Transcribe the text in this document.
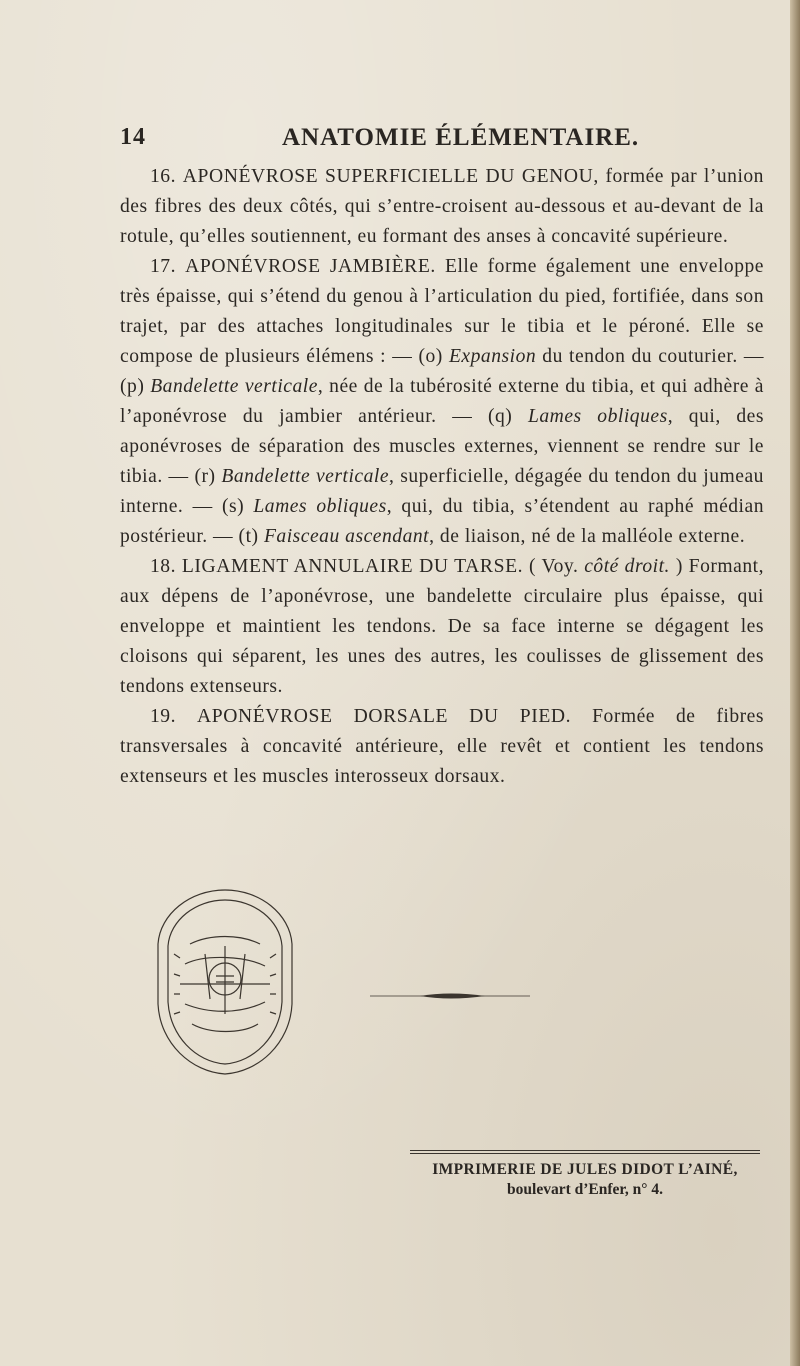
14	ANATOMIE ÉLÉMENTAIRE.

16. APONÉVROSE SUPERFICIELLE DU GENOU, formée par l’union des fibres des deux côtés, qui s’entre-croisent au-dessous et au-devant de la rotule, qu’elles soutiennent, eu formant des anses à concavité supérieure.

17. APONÉVROSE JAMBIÈRE. Elle forme également une enveloppe très épaisse, qui s’étend du genou à l’articulation du pied, fortifiée, dans son trajet, par des attaches longitudinales sur le tibia et le péroné. Elle se compose de plusieurs élémens : — (o) Expansion du tendon du couturier. — (p) Bandelette verticale, née de la tubérosité externe du tibia, et qui adhère à l’aponévrose du jambier antérieur. — (q) Lames obliques, qui, des aponévroses de séparation des muscles externes, viennent se rendre sur le tibia. — (r) Bandelette verticale, superficielle, dégagée du tendon du jumeau interne. — (s) Lames obliques, qui, du tibia, s’étendent au raphé médian postérieur. — (t) Faisceau ascendant, de liaison, né de la malléole externe.

18. LIGAMENT ANNULAIRE DU TARSE. ( Voy. côté droit. ) Formant, aux dépens de l’aponévrose, une bandelette circulaire plus épaisse, qui enveloppe et maintient les tendons. De sa face interne se dégagent les cloisons qui séparent, les unes des autres, les coulisses de glissement des tendons extenseurs.

19. APONÉVROSE DORSALE DU PIED. Formée de fibres transversales à concavité antérieure, elle revêt et contient les tendons extenseurs et les muscles interosseux dorsaux.

IMPRIMERIE DE JULES DIDOT L’AINÉ,
boulevart d’Enfer, n° 4.
